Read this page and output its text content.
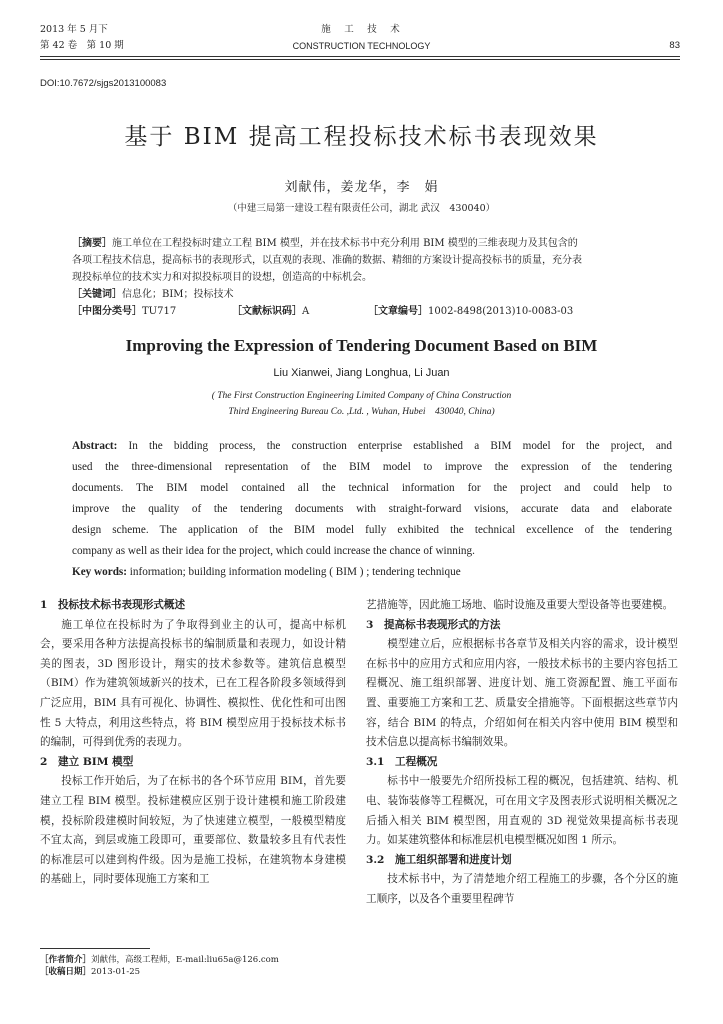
2013 年 5 月下
第 42 卷　第 10 期
施　工　技　术
CONSTRUCTION TECHNOLOGY	83
DOI:10.7672/sjgs2013100083
基于 BIM 提高工程投标技术标书表现效果
刘献伟，姜龙华，李　娟
（中建三局第一建设工程有限责任公司，湖北 武汉　430040）
［摘要］施工单位在工程投标时建立工程 BIM 模型，并在技术标书中充分利用 BIM 模型的三维表现力及其包含的
各项工程技术信息，提高标书的表现形式，以直观的表现、准确的数据、精细的方案设计提高投标书的质量，充分表
现投标单位的技术实力和对拟投标项目的设想，创造高的中标机会。
［关键词］信息化；BIM；投标技术
［中图分类号］TU717	［文献标识码］A	［文章编号］1002-8498(2013)10-0083-03
Improving the Expression of Tendering Document Based on BIM
Liu Xianwei, Jiang Longhua, Li Juan
( The First Construction Engineering Limited Company of China Construction
Third Engineering Bureau Co. ,Ltd. , Wuhan, Hubei　430040, China)
Abstract: In the bidding process, the construction enterprise established a BIM model for the project, and
used the three-dimensional representation of the BIM model to improve the expression of the tendering
documents. The BIM model contained all the technical information for the project and could help to
improve the quality of the tendering documents with straight-forward visions, accurate data and elaborate
design scheme. The application of the BIM model fully exhibited the technical excellence of the tendering
company as well as their idea for the project, which could increase the chance of winning.
Key words: information; building information modeling ( BIM ) ; tendering technique

1　投标技术标书表现形式概述

施工单位在投标时为了争取得到业主的认可，提高中标机会，要采用各种方法提高投标书的编制质量和表现力，如设计精美的图表，3D 图形设计，翔实的技术参数等。建筑信息模型（BIM）作为建筑领域新兴的技术，已在工程各阶段多领域得到广泛应用，BIM 具有可视化、协调性、模拟性、优化性和可出图性 5 大特点，利用这些特点，将 BIM 模型应用于投标技术标书的编制，可得到优秀的表现力。

2　建立 BIM 模型

投标工作开始后，为了在标书的各个环节应用 BIM，首先要建立工程 BIM 模型。投标建模应区别于设计建模和施工阶段建模，投标阶段建模时间较短，为了快速建立模型，一般模型精度不宜太高，到层或施工段即可，重要部位、数量较多且有代表性的标准层可以建到构件级。因为是施工投标，在建筑物本身建模的基础上，同时要体现施工方案和工

［作者简介］刘献伟，高级工程师，E-mail:liu65a@126.com
［收稿日期］2013-01-25

艺措施等，因此施工场地、临时设施及重要大型设备等也要建模。

3　提高标书表现形式的方法

模型建立后，应根据标书各章节及相关内容的需求，设计模型在标书中的应用方式和应用内容，一般技术标书的主要内容包括工程概况、施工组织部署、进度计划、施工资源配置、施工平面布置、重要施工方案和工艺、质量安全措施等。下面根据这些章节内容，结合 BIM 的特点，介绍如何在相关内容中使用 BIM 模型和技术信息以提高标书编制效果。

3.1　工程概况

标书中一般要先介绍所投标工程的概况，包括建筑、结构、机电、装饰装修等工程概况，可在用文字及图表形式说明相关概况之后插入相关 BIM 模型图，用直观的 3D 视觉效果提高标书表现力。如某建筑整体和标准层机电模型概况如图 1 所示。

3.2　施工组织部署和进度计划

技术标书中，为了清楚地介绍工程施工的步骤，各个分区的施工顺序，以及各个重要里程碑节
